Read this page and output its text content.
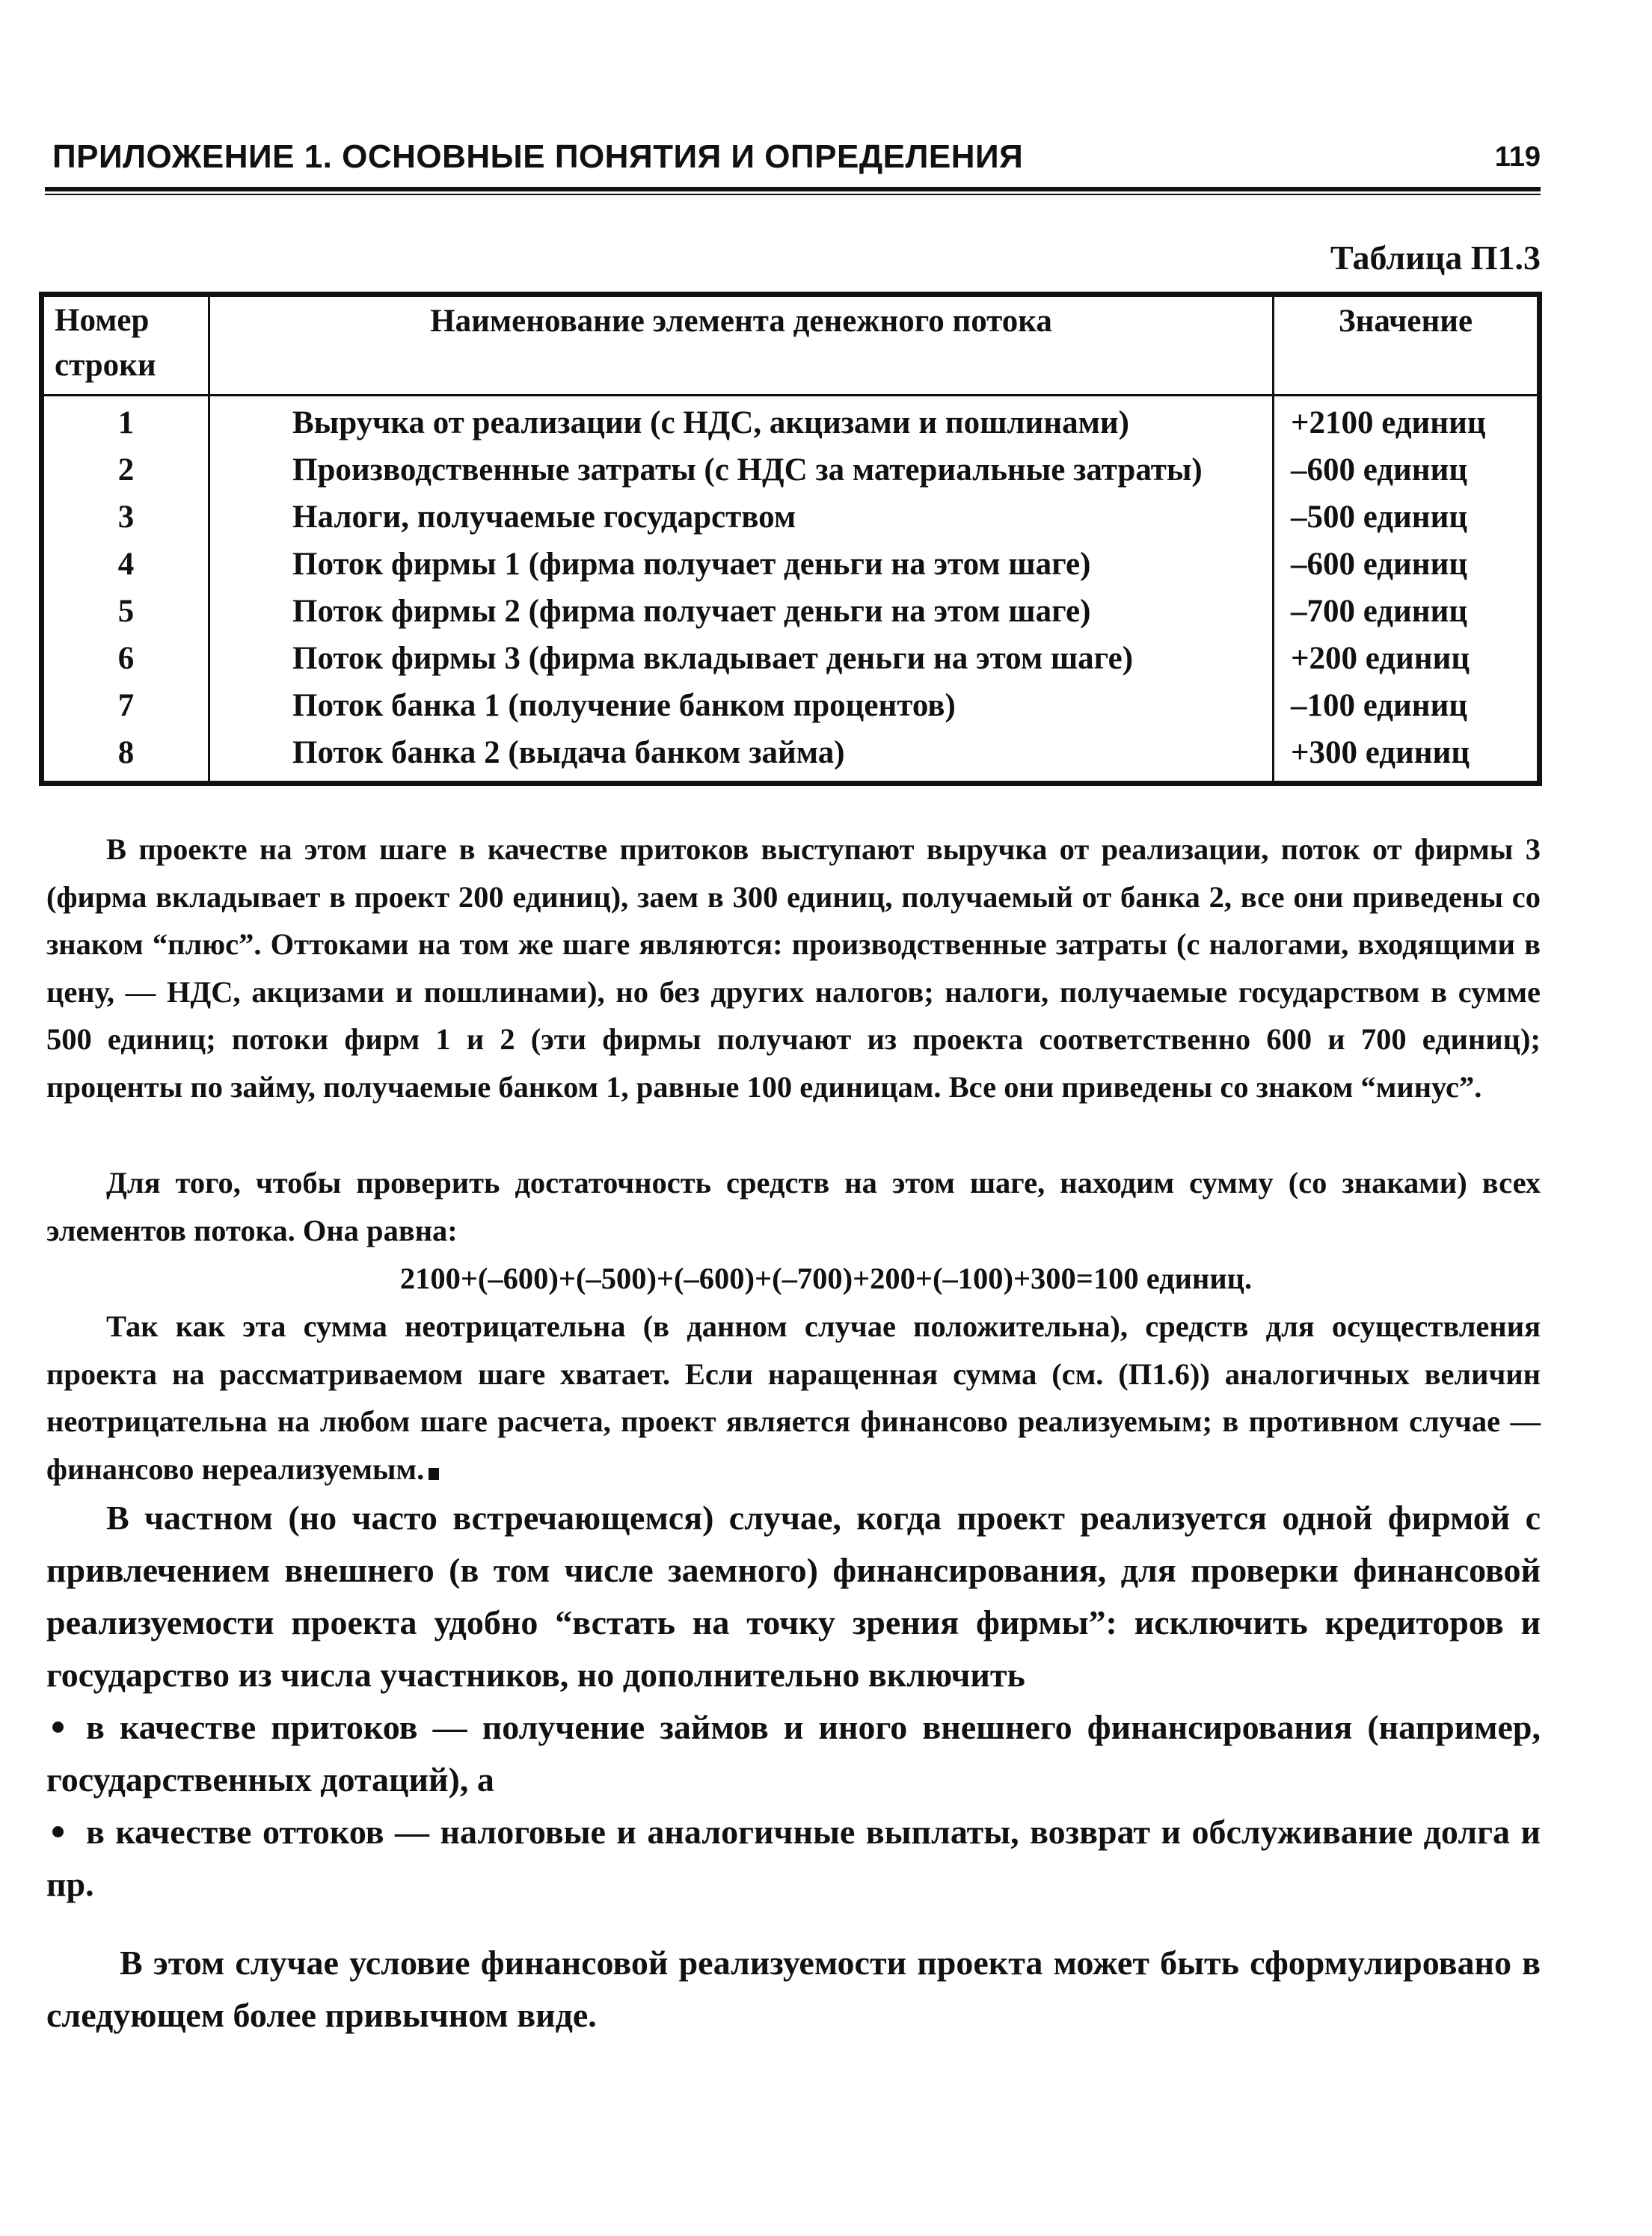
ПРИЛОЖЕНИЕ 1. ОСНОВНЫЕ ПОНЯТИЯ И ОПРЕДЕЛЕНИЯ	119
Таблица П1.3
Номер
строки	Наименование элемента денежного потока	Значение
1	Выручка от реализации (с НДС, акцизами и пошлинами)	+2100 единиц
2	Производственные затраты (с НДС за материальные затраты)	–600 единиц
3	Налоги, получаемые государством	–500 единиц
4	Поток фирмы 1 (фирма получает деньги на этом шаге)	–600 единиц
5	Поток фирмы 2 (фирма получает деньги на этом шаге)	–700 единиц
6	Поток фирмы 3 (фирма вкладывает деньги на этом шаге)	+200 единиц
7	Поток банка 1 (получение банком процентов)	–100 единиц
8	Поток банка 2 (выдача банком займа)	+300 единиц

В проекте на этом шаге в качестве притоков выступают выручка от реализации, поток от фирмы 3 (фирма вкладывает в проект 200 единиц), заем в 300 единиц, получаемый от банка 2, все они приведены со знаком “плюс”. Оттоками на том же шаге являются: производственные затраты (с налогами, входящими в цену, — НДС, акцизами и пошлинами), но без других налогов; налоги, получаемые государством в сумме 500 единиц; потоки фирм 1 и 2 (эти фирмы получают из проекта соответственно 600 и 700 единиц); проценты по займу, получаемые банком 1, равные 100 единицам. Все они приведены со знаком “минус”.

Для того, чтобы проверить достаточность средств на этом шаге, находим сумму (со знаками) всех элементов потока. Она равна:

2100+(–600)+(–500)+(–600)+(–700)+200+(–100)+300=100 единиц.

Так как эта сумма неотрицательна (в данном случае положительна), средств для осуществления проекта на рассматриваемом шаге хватает. Если наращенная сумма (см. (П1.6)) аналогичных величин неотрицательна на любом шаге расчета, проект является финансово реализуемым; в противном случае — финансово нереализуемым.

В частном (но часто встречающемся) случае, когда проект реализуется одной фирмой с привлечением внешнего (в том числе заемного) финансирования, для проверки финансовой реализуемости проекта удобно “встать на точку зрения фирмы”: исключить кредиторов и государство из числа участников, но дополнительно включить

в качестве притоков — получение займов и иного внешнего финансирования (например, государственных дотаций), а
в качестве оттоков — налоговые и аналогичные выплаты, возврат и обслуживание долга и пр.

В этом случае условие финансовой реализуемости проекта может быть сформулировано в следующем более привычном виде.
